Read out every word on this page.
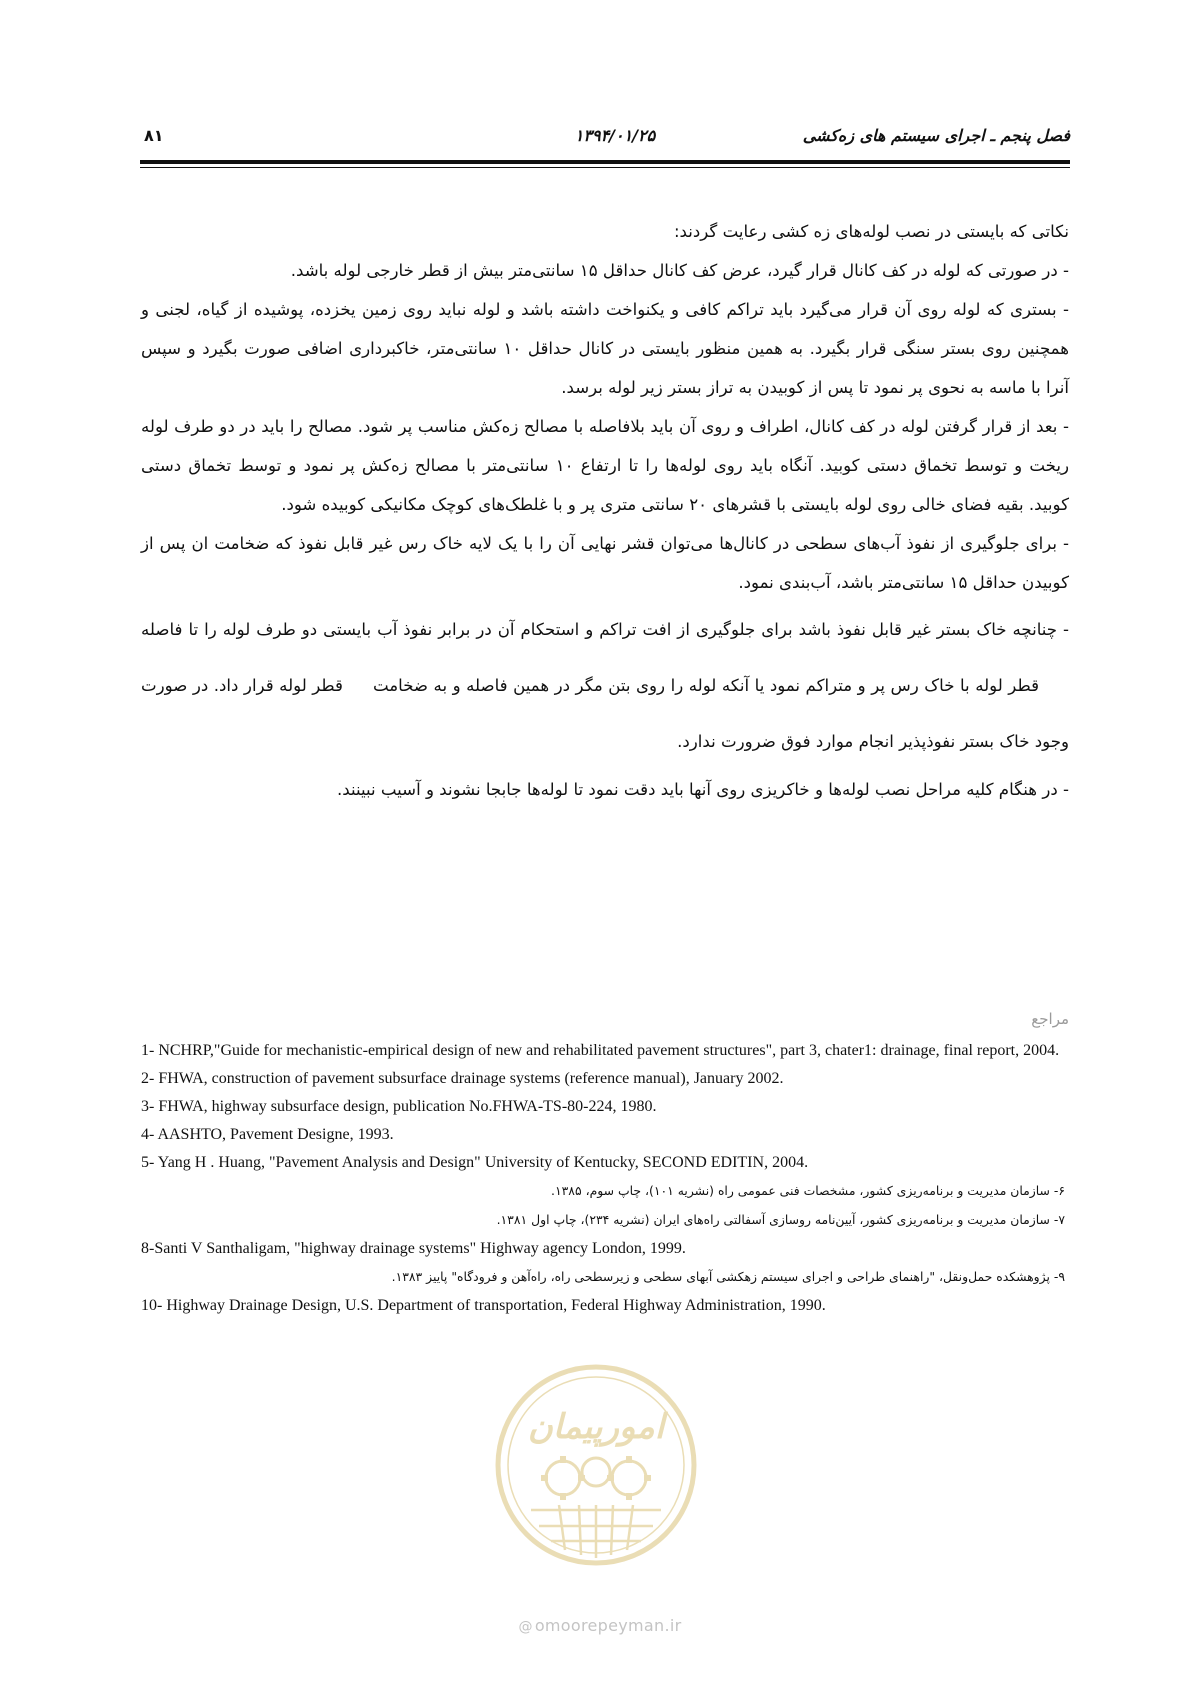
فصل پنجم ـ اجرای سیستم های زه‌کشی
۱۳۹۴/۰۱/۲۵
۸۱

نکاتی که بایستی در نصب لوله‌های زه کشی رعایت گردند:

- در صورتی که لوله در کف کانال قرار گیرد، عرض کف کانال حداقل ۱۵ سانتی‌متر بیش از قطر خارجی لوله باشد.

- بستری که لوله روی آن قرار می‌گیرد باید تراکم کافی و یکنواخت داشته باشد و لوله نباید روی زمین یخزده، پوشیده از گیاه، لجنی و همچنین روی بستر سنگی قرار بگیرد. به همین منظور بایستی در کانال حداقل ۱۰ سانتی‌متر، خاکبرداری اضافی صورت بگیرد و سپس آنرا با ماسه به نحوی پر نمود تا پس از کوبیدن به تراز بستر زیر لوله برسد.

- بعد از قرار گرفتن لوله در کف کانال، اطراف و روی آن باید بلافاصله با مصالح زه‌کش مناسب پر شود. مصالح را باید در دو طرف لوله ریخت و توسط تخماق دستی کوبید. آنگاه باید روی لوله‌ها را تا ارتفاع ۱۰ سانتی‌متر با مصالح زه‌کش پر نمود و توسط تخماق دستی کوبید. بقیه فضای خالی روی لوله بایستی با قشرهای ۲۰ سانتی متری پر و با غلطک‌های کوچک مکانیکی کوبیده شود.

- برای جلوگیری از نفوذ آب‌های سطحی در کانال‌ها می‌توان قشر نهایی آن را با یک لایه خاک رس غیر قابل نفوذ که ضخامت ان پس از کوبیدن حداقل ۱۵ سانتی‌متر باشد، آب‌بندی نمود.

- چنانچه خاک بستر غیر قابل نفوذ باشد برای جلوگیری از افت تراکم و استحکام آن در برابر نفوذ آب بایستی دو طرف لوله را تا فاصلهقطر لوله با خاک رس پر و متراکم نمود یا آنکه لوله را روی بتن مگر در همین فاصله و به ضخامتقطر لوله قرار داد. در صورت وجود خاک بستر نفوذپذیر انجام موارد فوق ضرورت ندارد.

- در هنگام کلیه مراحل نصب لوله‌ها و خاکریزی روی آنها باید دقت نمود تا لوله‌ها جابجا نشوند و آسیب نبینند.

مراجع

1- NCHRP,"Guide for mechanistic-empirical design of new and rehabilitated pavement structures", part 3, chater1: drainage, final report, 2004.

2- FHWA, construction of pavement subsurface drainage systems (reference manual), January 2002.

3- FHWA, highway subsurface design, publication No.FHWA-TS-80-224, 1980.

4- AASHTO, Pavement Designe, 1993.

5- Yang H . Huang, "Pavement Analysis and Design" University of Kentucky, SECOND EDITIN, 2004.

۶- سازمان مدیریت و برنامه‌ریزی کشور، مشخصات فنی عمومی راه (نشریه ۱۰۱)، چاپ سوم، ۱۳۸۵.

۷- سازمان مدیریت و برنامه‌ریزی کشور، آیین‌نامه روسازی آسفالتی راه‌های ایران (نشریه ۲۳۴)، چاپ اول ۱۳۸۱.

8-Santi V Santhaligam, "highway drainage systems" Highway agency London, 1999.

۹- پژوهشکده حمل‌ونقل، "راهنمای طراحی و اجرای سیستم زهکشی آبهای سطحی و زیرسطحی راه، راه‌آهن و فرودگاه" پاییز ۱۳۸۳.

10- Highway Drainage Design, U.S. Department of transportation, Federal Highway Administration, 1990.

امورپیمان
@ omoorepeyman.ir
